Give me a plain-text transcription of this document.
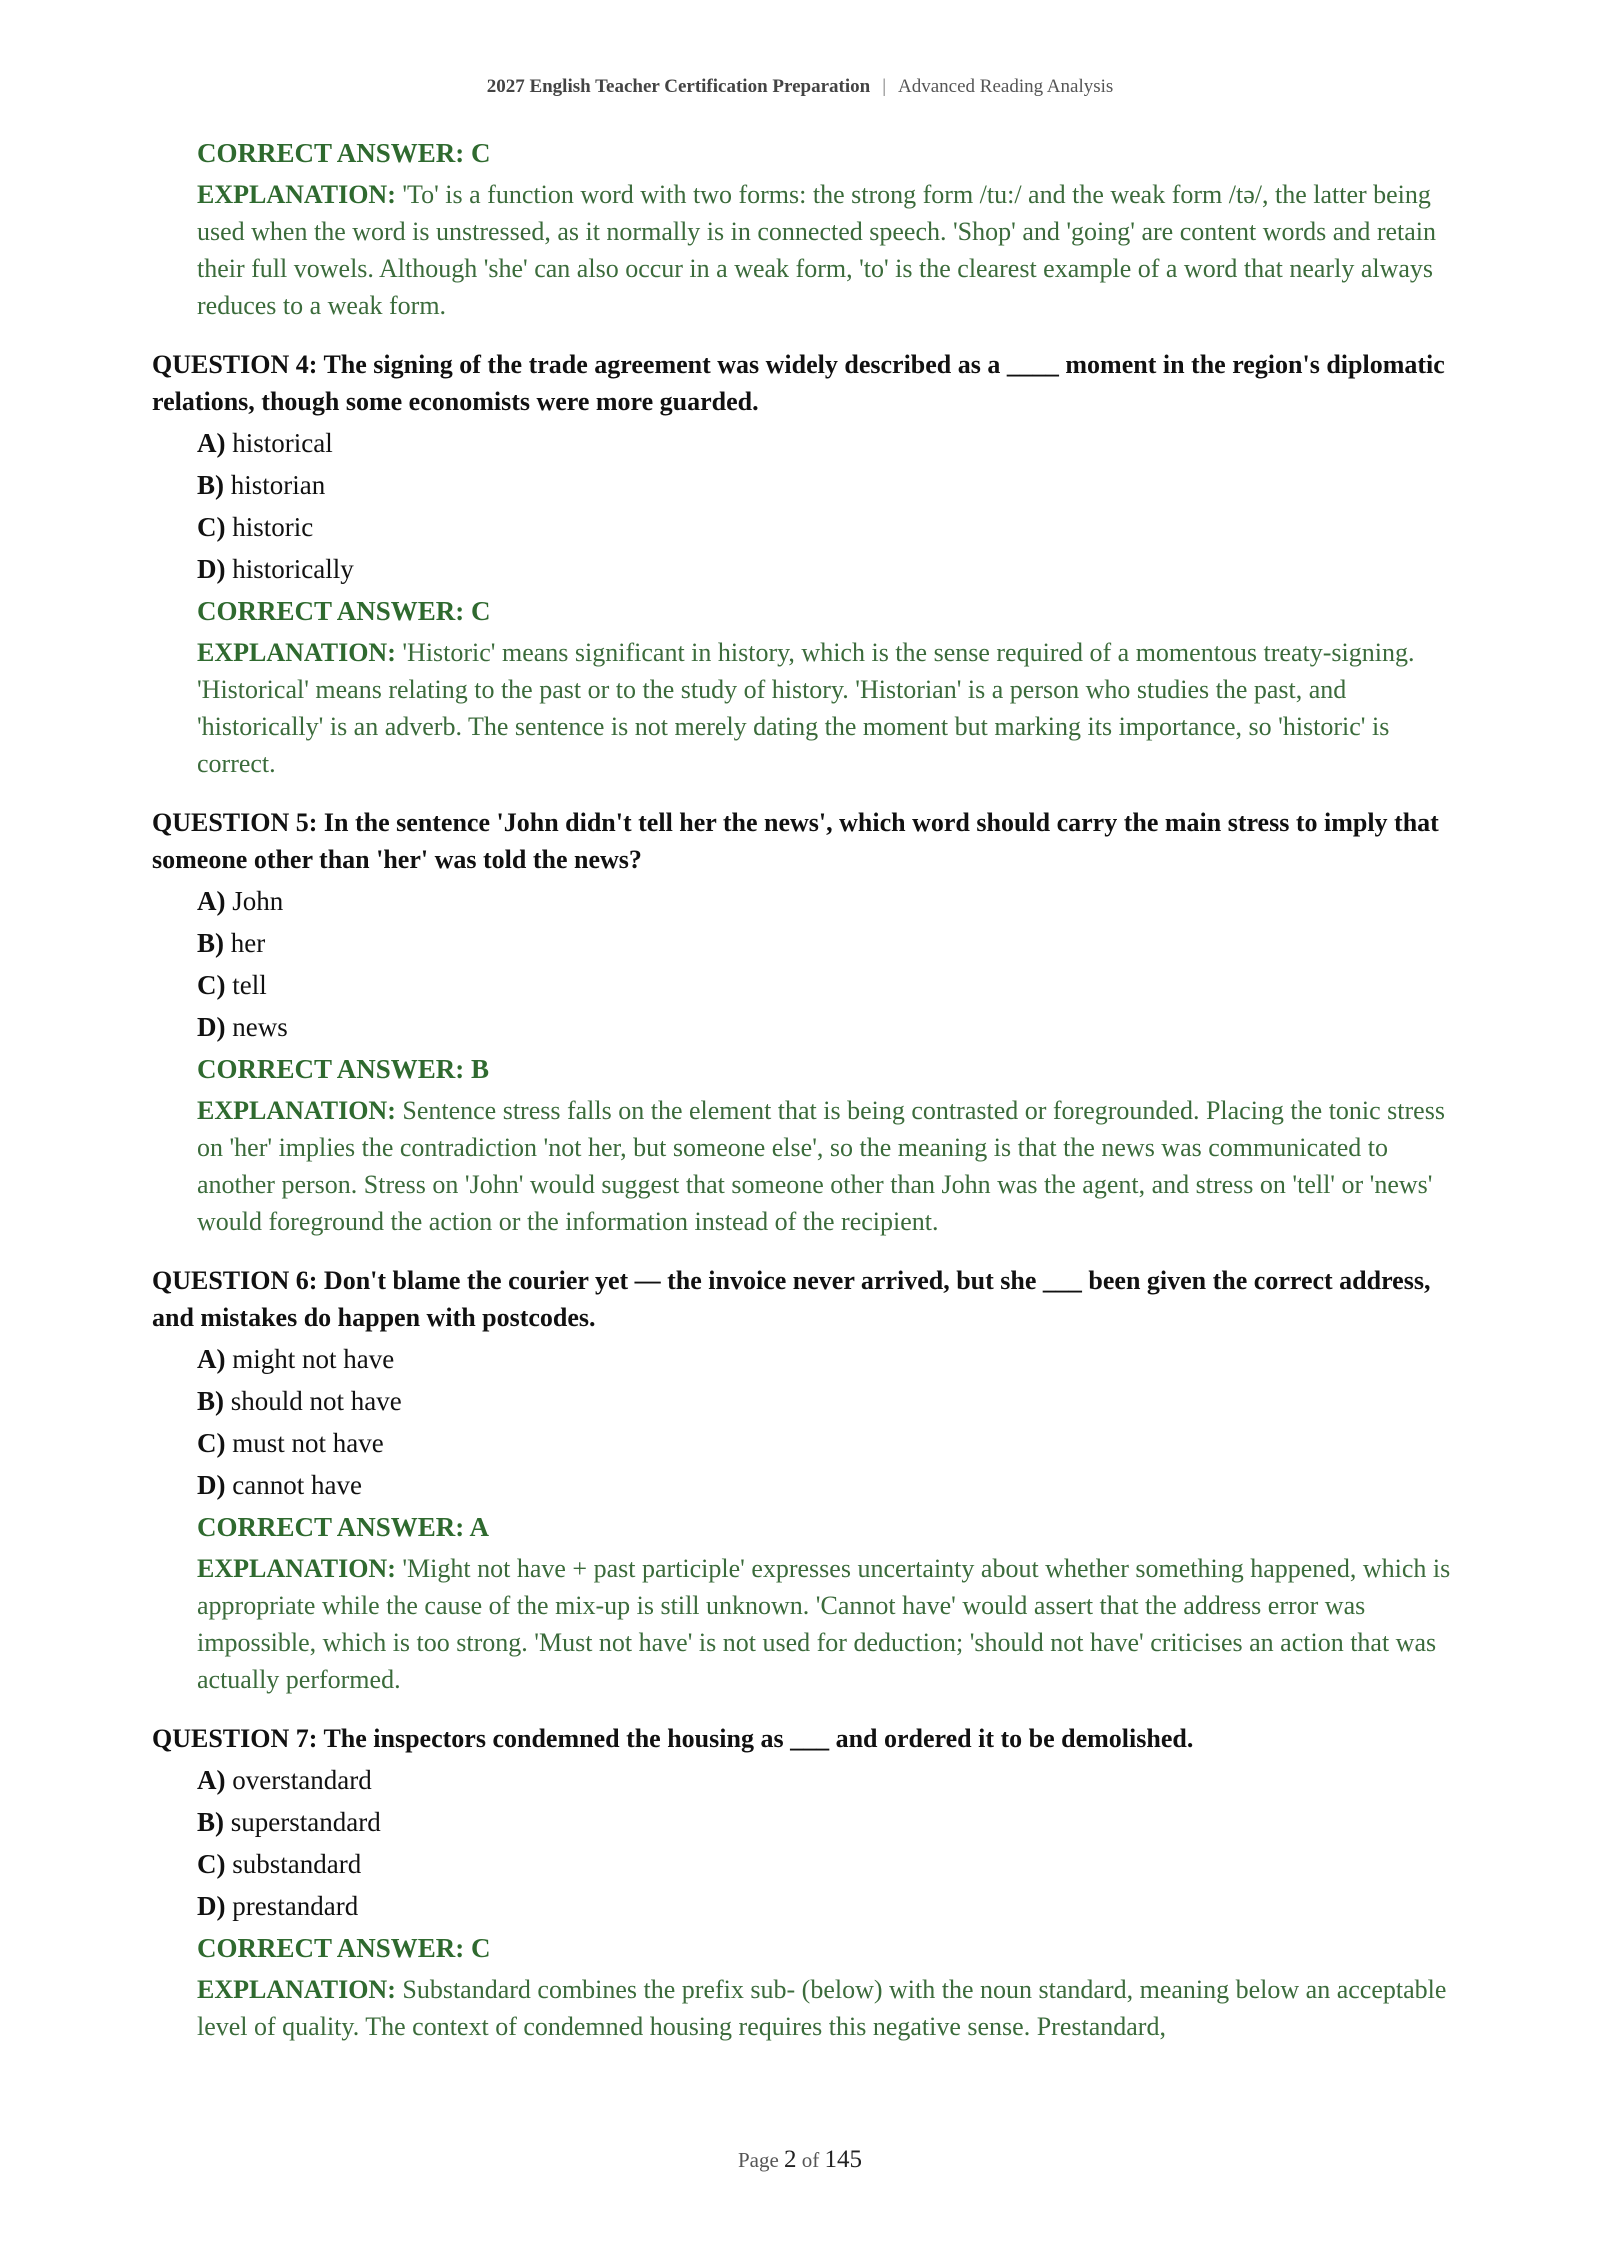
2027 English Teacher Certification Preparation | Advanced Reading Analysis
CORRECT ANSWER: C
EXPLANATION: 'To' is a function word with two forms: the strong form /tu:/ and the weak form /tə/, the latter being used when the word is unstressed, as it normally is in connected speech. 'Shop' and 'going' are content words and retain their full vowels. Although 'she' can also occur in a weak form, 'to' is the clearest example of a word that nearly always reduces to a weak form.
QUESTION 4: The signing of the trade agreement was widely described as a ____ moment in the region's diplomatic relations, though some economists were more guarded.
A) historical
B) historian
C) historic
D) historically
CORRECT ANSWER: C
EXPLANATION: 'Historic' means significant in history, which is the sense required of a momentous treaty-signing. 'Historical' means relating to the past or to the study of history. 'Historian' is a person who studies the past, and 'historically' is an adverb. The sentence is not merely dating the moment but marking its importance, so 'historic' is correct.
QUESTION 5: In the sentence 'John didn't tell her the news', which word should carry the main stress to imply that someone other than 'her' was told the news?
A) John
B) her
C) tell
D) news
CORRECT ANSWER: B
EXPLANATION: Sentence stress falls on the element that is being contrasted or foregrounded. Placing the tonic stress on 'her' implies the contradiction 'not her, but someone else', so the meaning is that the news was communicated to another person. Stress on 'John' would suggest that someone other than John was the agent, and stress on 'tell' or 'news' would foreground the action or the information instead of the recipient.
QUESTION 6: Don't blame the courier yet — the invoice never arrived, but she ___ been given the correct address, and mistakes do happen with postcodes.
A) might not have
B) should not have
C) must not have
D) cannot have
CORRECT ANSWER: A
EXPLANATION: 'Might not have + past participle' expresses uncertainty about whether something happened, which is appropriate while the cause of the mix-up is still unknown. 'Cannot have' would assert that the address error was impossible, which is too strong. 'Must not have' is not used for deduction; 'should not have' criticises an action that was actually performed.
QUESTION 7: The inspectors condemned the housing as ___ and ordered it to be demolished.
A) overstandard
B) superstandard
C) substandard
D) prestandard
CORRECT ANSWER: C
EXPLANATION: Substandard combines the prefix sub- (below) with the noun standard, meaning below an acceptable level of quality. The context of condemned housing requires this negative sense. Prestandard,
Page 2 of 145
